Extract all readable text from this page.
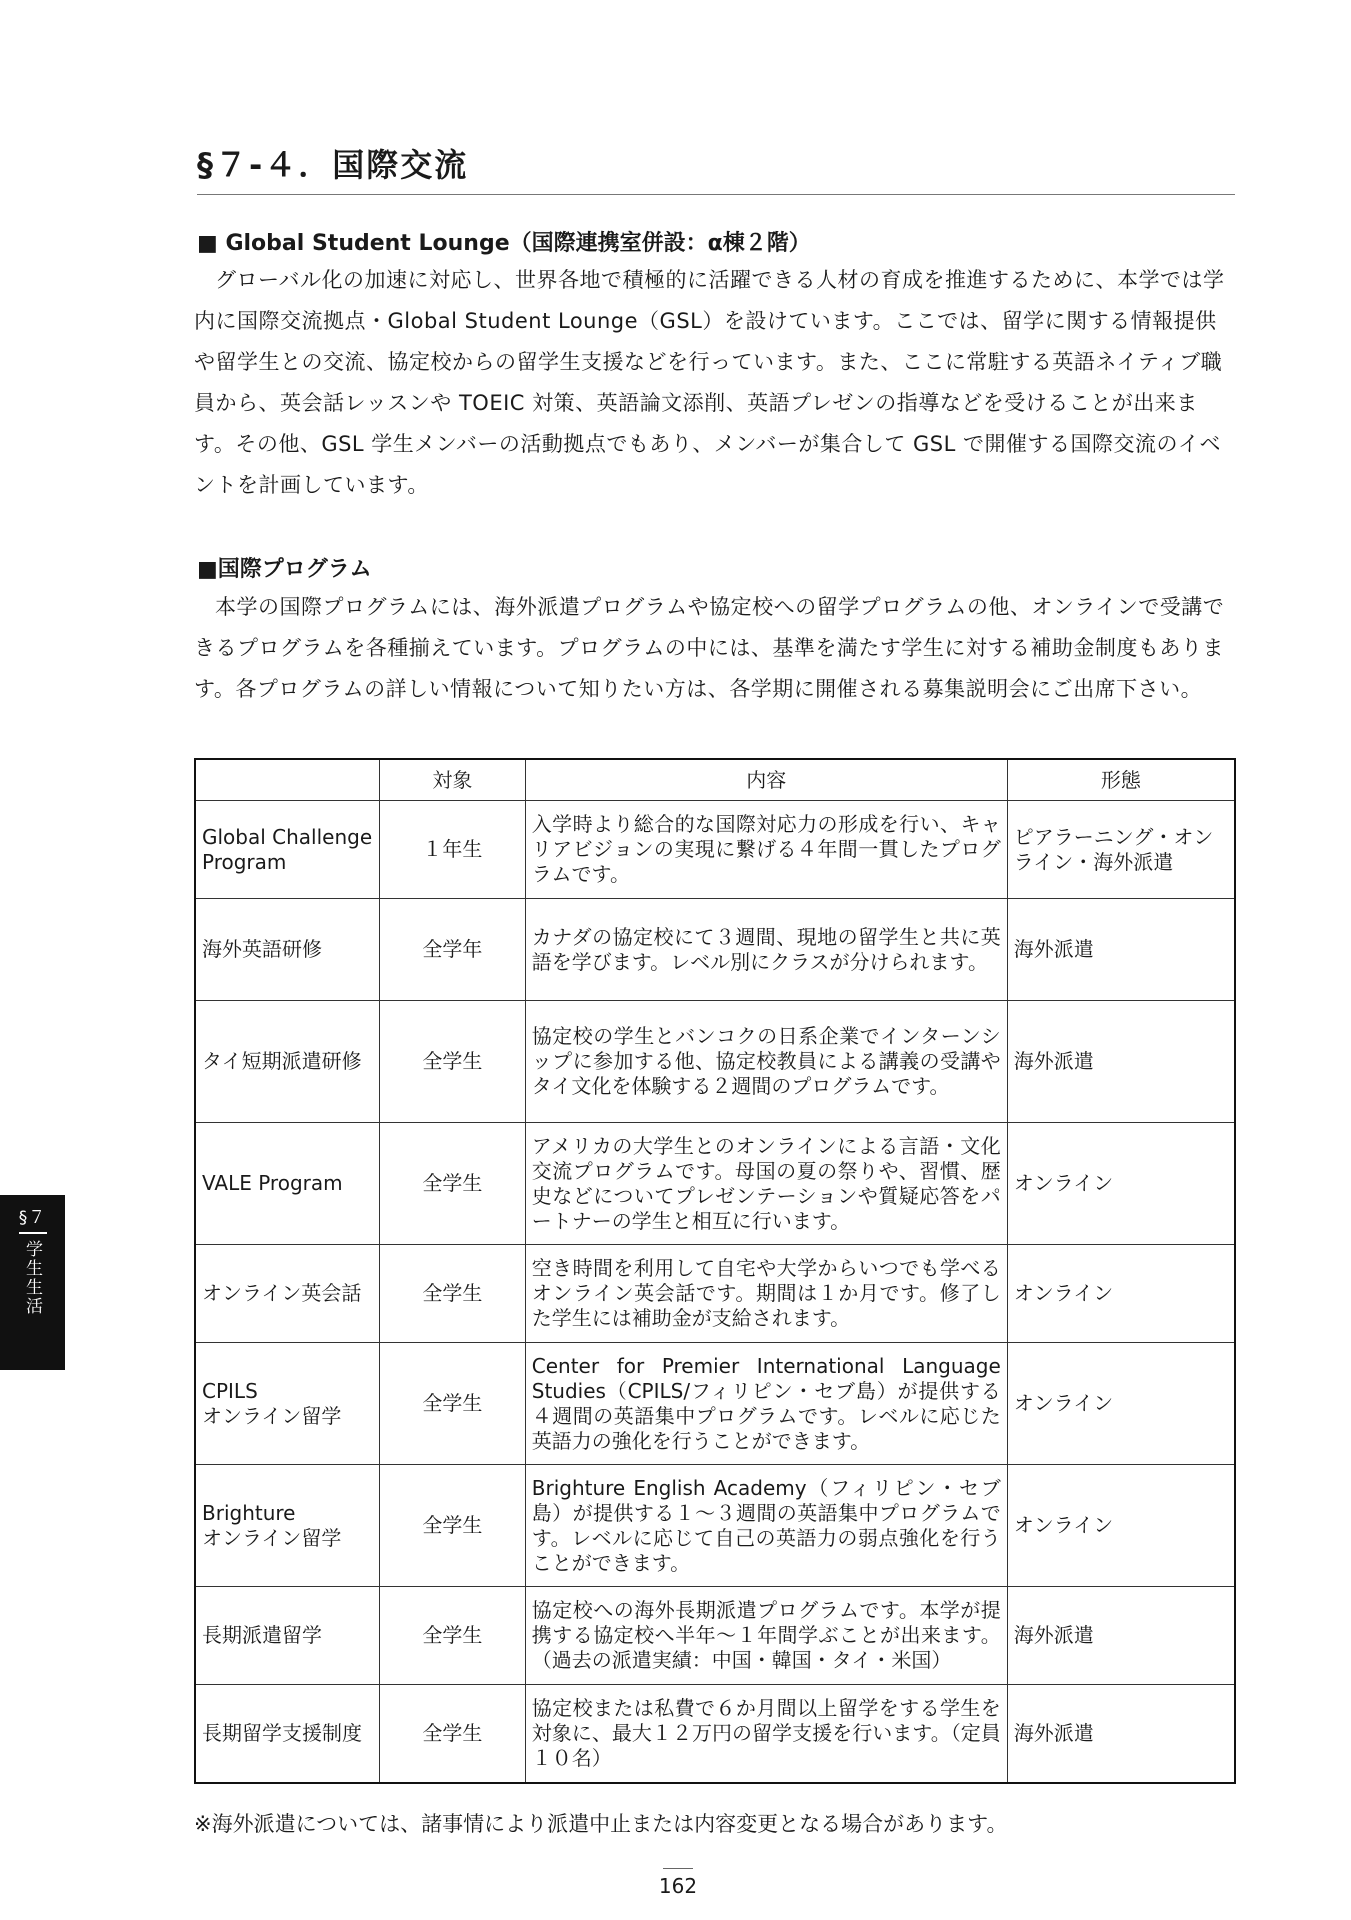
§７-４．国際交流
■ Global Student Lounge（国際連携室併設：α棟２階）

グローバル化の加速に対応し、世界各地で積極的に活躍できる人材の育成を推進するために、本学では学内に国際交流拠点・Global Student Lounge（GSL）を設けています。ここでは、留学に関する情報提供や留学生との交流、協定校からの留学生支援などを行っています。また、ここに常駐する英語ネイティブ職員から、英会話レッスンや TOEIC 対策、英語論文添削、英語プレゼンの指導などを受けることが出来ます。その他、GSL 学生メンバーの活動拠点でもあり、メンバーが集合して GSL で開催する国際交流のイベントを計画しています。

■国際プログラム

本学の国際プログラムには、海外派遣プログラムや協定校への留学プログラムの他、オンラインで受講できるプログラムを各種揃えています。プログラムの中には、基準を満たす学生に対する補助金制度もあります。各プログラムの詳しい情報について知りたい方は、各学期に開催される募集説明会にご出席下さい。

	対象	内容	形態
Global Challenge Program	１年生	入学時より総合的な国際対応力の形成を行い、キャリアビジョンの実現に繋げる４年間一貫したプログラムです。	ピアラーニング・オンライン・海外派遣
海外英語研修	全学年	カナダの協定校にて３週間、現地の留学生と共に英語を学びます。レベル別にクラスが分けられます。	海外派遣
タイ短期派遣研修	全学生	協定校の学生とバンコクの日系企業でインターンシップに参加する他、協定校教員による講義の受講やタイ文化を体験する２週間のプログラムです。	海外派遣
VALE Program	全学生	アメリカの大学生とのオンラインによる言語・文化交流プログラムです。母国の夏の祭りや、習慣、歴史などについてプレゼンテーションや質疑応答をパートナーの学生と相互に行います。	オンライン
オンライン英会話	全学生	空き時間を利用して自宅や大学からいつでも学べるオンライン英会話です。期間は１か月です。修了した学生には補助金が支給されます。	オンライン
CPILS
オンライン留学	全学生	Center for Premier International Language Studies（CPILS/フィリピン・セブ島）が提供する４週間の英語集中プログラムです。レベルに応じた英語力の強化を行うことができます。	オンライン
Brighture
オンライン留学	全学生	Brighture English Academy（フィリピン・セブ島）が提供する１～３週間の英語集中プログラムです。レベルに応じて自己の英語力の弱点強化を行うことができます。	オンライン
長期派遣留学	全学生	協定校への海外長期派遣プログラムです。本学が提携する協定校へ半年～１年間学ぶことが出来ます。（過去の派遣実績：中国・韓国・タイ・米国）	海外派遣
長期留学支援制度	全学生	協定校または私費で６か月間以上留学をする学生を対象に、最大１２万円の留学支援を行います。（定員１０名）	海外派遣
※海外派遣については、諸事情により派遣中止または内容変更となる場合があります。
162
§７
学生生活
